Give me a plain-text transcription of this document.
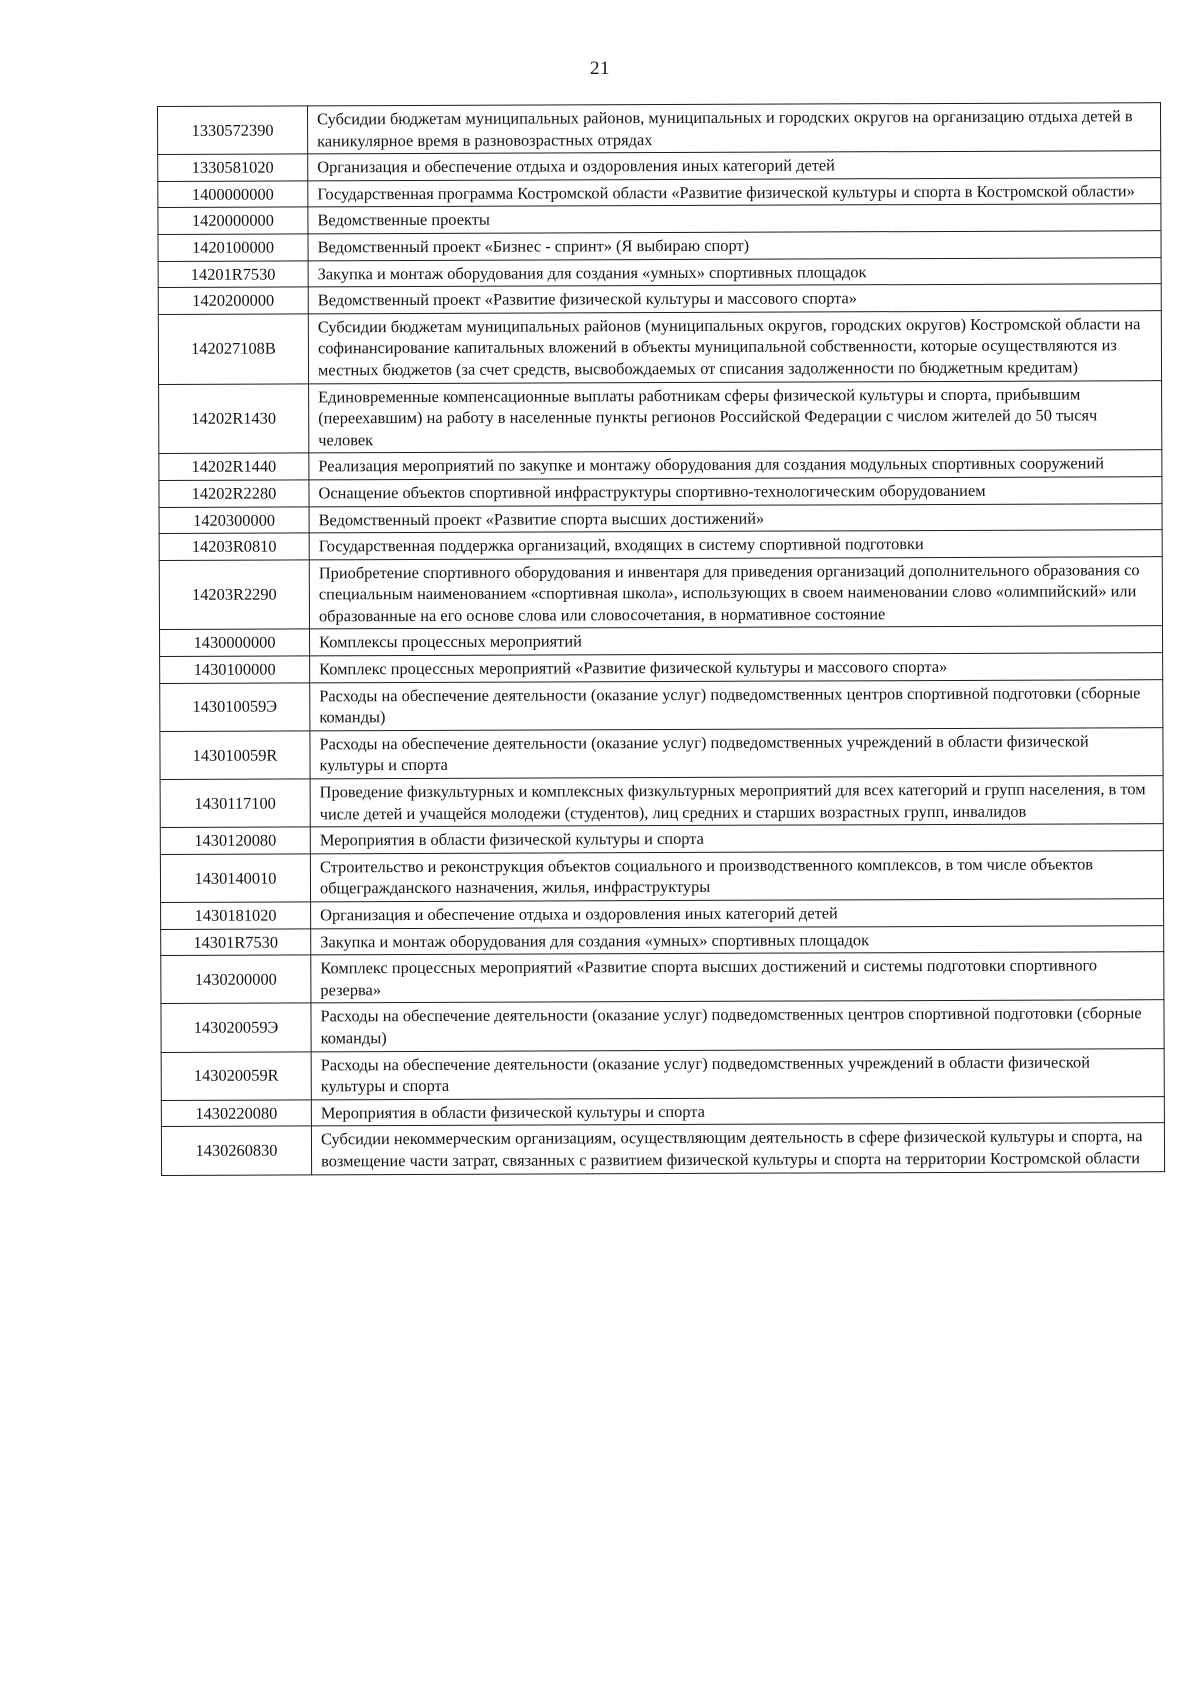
21
1330572390	Субсидии бюджетам муниципальных районов, муниципальных и городских округов на организацию отдыха детей в каникулярное время в разновозрастных отрядах
1330581020	Организация и обеспечение отдыха и оздоровления иных категорий детей
1400000000	Государственная программа Костромской области «Развитие физической культуры и спорта в Костромской области»
1420000000	Ведомственные проекты
1420100000	Ведомственный проект «Бизнес - спринт» (Я выбираю спорт)
14201R7530	Закупка и монтаж оборудования для создания «умных» спортивных площадок
1420200000	Ведомственный проект «Развитие физической культуры и массового спорта»
142027108B	Субсидии бюджетам муниципальных районов (муниципальных округов, городских округов) Костромской области на софинансирование капитальных вложений в объекты муниципальной собственности, которые осуществляются из местных бюджетов (за счет средств, высвобождаемых от списания задолженности по бюджетным кредитам)
14202R1430	Единовременные компенсационные выплаты работникам сферы физической культуры и спорта, прибывшим (переехавшим) на работу в населенные пункты регионов Российской Федерации с числом жителей до 50 тысяч человек
14202R1440	Реализация мероприятий по закупке и монтажу оборудования для создания модульных спортивных сооружений
14202R2280	Оснащение объектов спортивной инфраструктуры спортивно-технологическим оборудованием
1420300000	Ведомственный проект «Развитие спорта высших достижений»
14203R0810	Государственная поддержка организаций, входящих в систему спортивной подготовки
14203R2290	Приобретение спортивного оборудования и инвентаря для приведения организаций дополнительного образования со специальным наименованием «спортивная школа», использующих в своем наименовании слово «олимпийский» или образованные на его основе слова или словосочетания, в нормативное состояние
1430000000	Комплексы процессных мероприятий
1430100000	Комплекс процессных мероприятий «Развитие физической культуры и массового спорта»
143010059Э	Расходы на обеспечение деятельности (оказание услуг) подведомственных центров спортивной подготовки (сборные команды)
143010059R	Расходы на обеспечение деятельности (оказание услуг) подведомственных учреждений в области физической культуры и спорта
1430117100	Проведение физкультурных и комплексных физкультурных мероприятий для всех категорий и групп населения, в том числе детей и учащейся молодежи (студентов), лиц средних и старших возрастных групп, инвалидов
1430120080	Мероприятия в области физической культуры и спорта
1430140010	Строительство и реконструкция объектов социального и производственного комплексов, в том числе объектов общегражданского назначения, жилья, инфраструктуры
1430181020	Организация и обеспечение отдыха и оздоровления иных категорий детей
14301R7530	Закупка и монтаж оборудования для создания «умных» спортивных площадок
1430200000	Комплекс процессных мероприятий «Развитие спорта высших достижений и системы подготовки спортивного резерва»
143020059Э	Расходы на обеспечение деятельности (оказание услуг) подведомственных центров спортивной подготовки (сборные команды)
143020059R	Расходы на обеспечение деятельности (оказание услуг) подведомственных учреждений в области физической культуры и спорта
1430220080	Мероприятия в области физической культуры и спорта
1430260830	Субсидии некоммерческим организациям, осуществляющим деятельность в сфере физической культуры и спорта, на возмещение части затрат, связанных с развитием физической культуры и спорта на территории Костромской области
